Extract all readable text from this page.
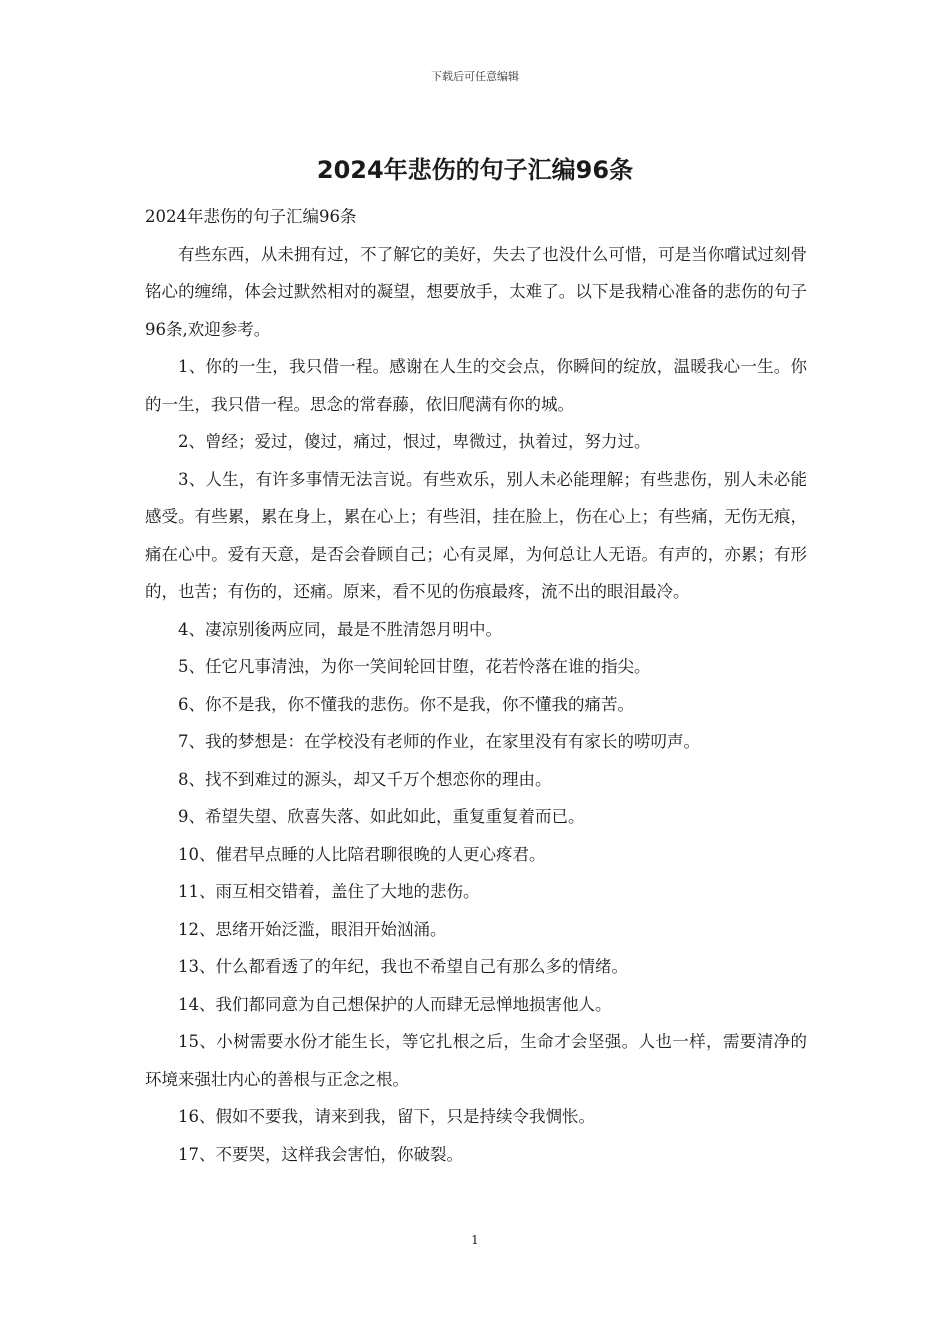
下载后可任意编辑
2024年悲伤的句子汇编96条

2024年悲伤的句子汇编96条

有些东西，从未拥有过，不了解它的美好，失去了也没什么可惜，可是当你嚐试过刻骨铭心的缠绵，体会过默然相对的凝望，想要放手，太难了。以下是我精心准备的悲伤的句子96条,欢迎参考。

1、你的一生，我只借一程。感谢在人生的交会点，你瞬间的绽放，温暖我心一生。你的一生，我只借一程。思念的常春藤，依旧爬满有你的城。

2、曾经；爱过，傻过，痛过，恨过，卑微过，执着过，努力过。

3、人生，有许多事情无法言说。有些欢乐，别人未必能理解；有些悲伤，别人未必能感受。有些累，累在身上，累在心上；有些泪，挂在脸上，伤在心上；有些痛，无伤无痕，痛在心中。爱有天意，是否会眷顾自己；心有灵犀，为何总让人无语。有声的，亦累；有形的，也苦；有伤的，还痛。原来，看不见的伤痕最疼，流不出的眼泪最冷。

4、凄凉别後两应同，最是不胜清怨月明中。

5、任它凡事清浊，为你一笑间轮回甘堕，花若怜落在谁的指尖。

6、你不是我，你不懂我的悲伤。你不是我，你不懂我的痛苦。

7、我的梦想是：在学校没有老师的作业，在家里没有有家长的唠叨声。

8、找不到难过的源头，却又千万个想恋你的理由。

9、希望失望、欣喜失落、如此如此，重复重复着而已。

10、催君早点睡的人比陪君聊很晚的人更心疼君。

11、雨互相交错着，盖住了大地的悲伤。

12、思绪开始泛滥，眼泪开始汹涌。

13、什么都看透了的年纪，我也不希望自己有那么多的情绪。

14、我们都同意为自己想保护的人而肆无忌惮地损害他人。

15、小树需要水份才能生长，等它扎根之后，生命才会坚强。人也一样，需要清净的环境来强壮内心的善根与正念之根。

16、假如不要我，请来到我，留下，只是持续令我惆怅。

17、不要哭，这样我会害怕，你破裂。

1
